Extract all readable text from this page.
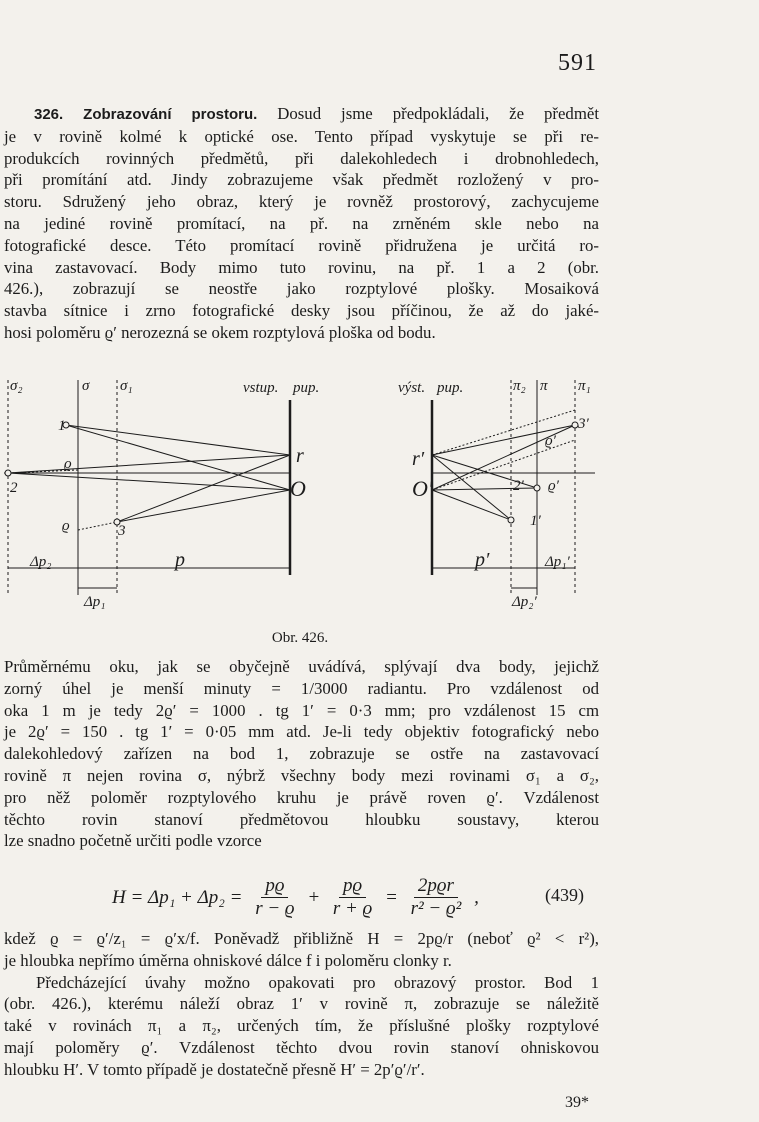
591
326. Zobrazování prostoru. Dosud jsme předpokládali, že předmět
je v rovině kolmé k optické ose. Tento případ vyskytuje se při re-
produkcích rovinných předmětů, při dalekohledech i drobnohledech,
při promítání atd. Jindy zobrazujeme však předmět rozložený v pro-
storu. Sdružený jeho obraz, který je rovněž prostorový, zachycujeme
na jediné rovině promítací, na př. na zrněném skle nebo na
fotografické desce. Této promítací rovině přidružena je určitá ro-
vina zastavovací. Body mimo tuto rovinu, na př. 1 a 2 (obr.
426.), zobrazují se neostře jako rozptylové plošky. Mosaiková
stavba sítnice i zrno fotografické desky jsou příčinou, že až do jaké-
hosi poloměru ϱ′ nerozezná se okem rozptylová ploška od bodu.
σ₂	σ σ₁	vstup. pup.	výst. pup.	π₂ π π₁
1
2
3
ϱ
ϱ
r
O
r′
O′
ϱ′
ϱ′
2′
1′
3′
Δp₂	p
Δp₁
p′	Δp₁′
Δp₂′
Obr. 426.
Průměrnému oku, jak se obyčejně uvádívá, splývají dva body, jejichž
zorný úhel je menší minuty = 1/3000 radiantu. Pro vzdálenost od
oka 1 m je tedy 2ϱ′ = 1000 . tg 1′ = 0·3 mm; pro vzdálenost 15 cm
je 2ϱ′ = 150 . tg 1′ = 0·05 mm atd. Je-li tedy objektiv fotografický nebo
dalekohledový zařízen na bod 1, zobrazuje se ostře na zastavovací
rovině π nejen rovina σ, nýbrž všechny body mezi rovinami σ₁ a σ₂,
pro něž poloměr rozptylového kruhu je právě roven ϱ′. Vzdálenost
těchto rovin stanoví předmětovou hloubku soustavy, kterou
lze snadno početně určiti podle vzorce
$H = \Delta p_1 + \Delta p_2 = \frac{pϱ}{r - ϱ} + \frac{pϱ}{r + ϱ} = \frac{\text{2pϱr}}{\text{r² − ϱ²}}$ ,	(439)
kdež ϱ = ϱ′/z₁ = ϱ′x/f. Poněvadž přibližně H = 2pϱ/r (neboť ϱ² < r²),
je hloubka nepřímo úměrna ohniskové dálce f i poloměru clonky r.
Předcházející úvahy možno opakovati pro obrazový prostor. Bod 1
(obr. 426.), kterému náleží obraz 1′ v rovině π, zobrazuje se náležitě
také v rovinách π₁ a π₂, určených tím, že příslušné plošky rozptylové
mají poloměry ϱ′. Vzdálenost těchto dvou rovin stanoví ohniskovou
hloubku H′. V tomto případě je dostatečně přesně H′ = 2p′ϱ′/r′.
39*
